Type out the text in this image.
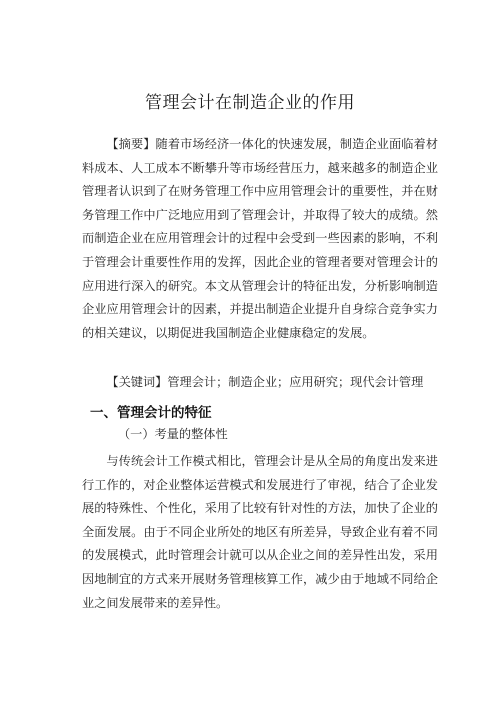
管理会计在制造企业的作用

【摘要】随着市场经济一体化的快速发展，制造企业面临着材料成本、人工成本不断攀升等市场经营压力，越来越多的制造企业管理者认识到了在财务管理工作中应用管理会计的重要性，并在财务管理工作中广泛地应用到了管理会计，并取得了较大的成绩。然而制造企业在应用管理会计的过程中会受到一些因素的影响，不利于管理会计重要性作用的发挥，因此企业的管理者要对管理会计的应用进行深入的研究。本文从管理会计的特征出发，分析影响制造企业应用管理会计的因素，并提出制造企业提升自身综合竞争实力的相关建议，以期促进我国制造企业健康稳定的发展。

【关键词】管理会计；制造企业；应用研究；现代会计管理

一、管理会计的特征
（一）考量的整体性

与传统会计工作模式相比，管理会计是从全局的角度出发来进行工作的，对企业整体运营模式和发展进行了审视，结合了企业发展的特殊性、个性化，采用了比较有针对性的方法，加快了企业的全面发展。由于不同企业所处的地区有所差异，导致企业有着不同的发展模式，此时管理会计就可以从企业之间的差异性出发，采用因地制宜的方式来开展财务管理核算工作，减少由于地域不同给企业之间发展带来的差异性。
